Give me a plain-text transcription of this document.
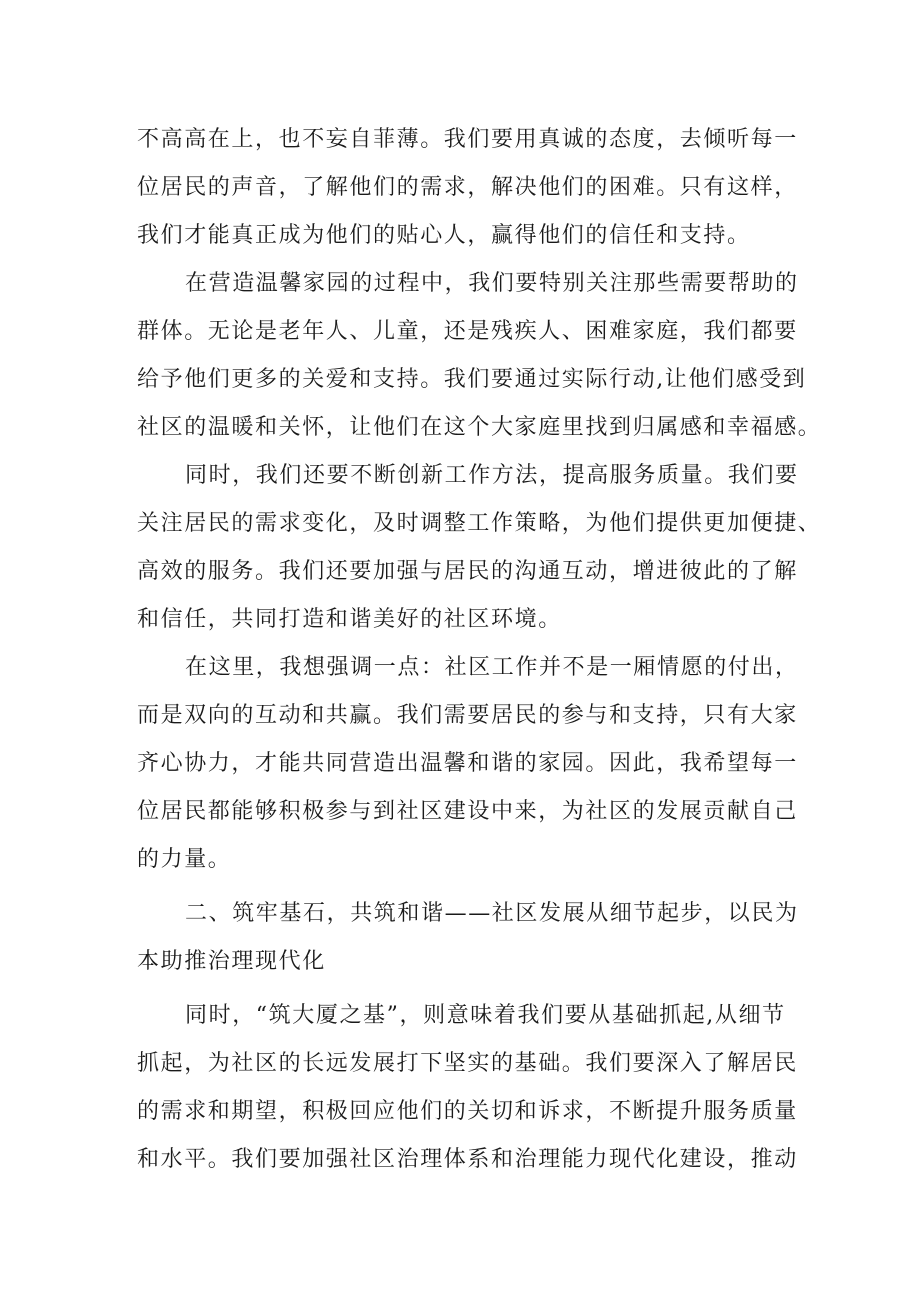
不高高在上，也不妄自菲薄。我们要用真诚的态度，去倾听每一
位居民的声音，了解他们的需求，解决他们的困难。只有这样，
我们才能真正成为他们的贴心人，赢得他们的信任和支持。
在营造温馨家园的过程中，我们要特别关注那些需要帮助的
群体。无论是老年人、儿童，还是残疾人、困难家庭，我们都要
给予他们更多的关爱和支持。我们要通过实际行动,让他们感受到
社区的温暖和关怀，让他们在这个大家庭里找到归属感和幸福感。
同时，我们还要不断创新工作方法，提高服务质量。我们要
关注居民的需求变化，及时调整工作策略，为他们提供更加便捷、
高效的服务。我们还要加强与居民的沟通互动，增进彼此的了解
和信任，共同打造和谐美好的社区环境。
在这里，我想强调一点：社区工作并不是一厢情愿的付出，
而是双向的互动和共赢。我们需要居民的参与和支持，只有大家
齐心协力，才能共同营造出温馨和谐的家园。因此，我希望每一
位居民都能够积极参与到社区建设中来，为社区的发展贡献自己
的力量。
二、筑牢基石，共筑和谐——社区发展从细节起步，以民为
本助推治理现代化
同时，“筑大厦之基”，则意味着我们要从基础抓起,从细节
抓起，为社区的长远发展打下坚实的基础。我们要深入了解居民
的需求和期望，积极回应他们的关切和诉求，不断提升服务质量
和水平。我们要加强社区治理体系和治理能力现代化建设，推动
